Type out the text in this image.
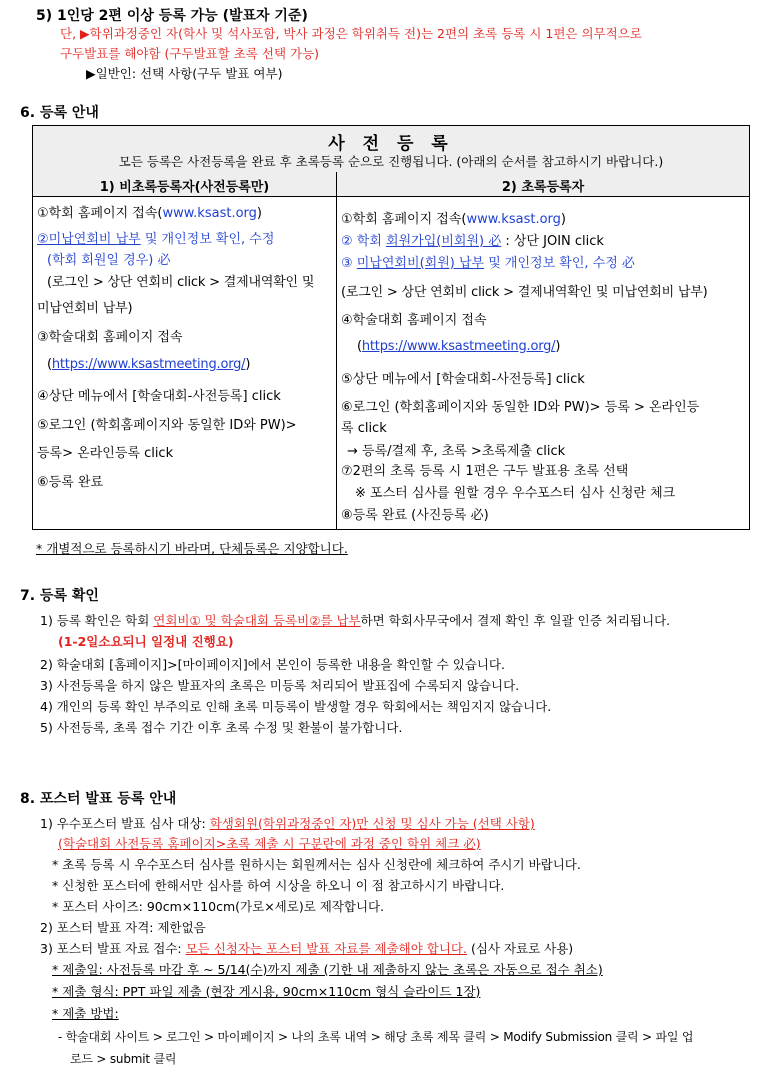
5) 1인당 2편 이상 등록 가능 (발표자 기준)
단, ▶학위과정중인 자(학사 및 석사포함, 박사 과정은 학위취득 전)는 2편의 초록 등록 시 1편은 의무적으로
구두발표를 해야함 (구두발표할 초록 선택 가능)
▶일반인: 선택 사항(구두 발표 여부)
6. 등록 안내
사 전 등 록
모든 등록은 사전등록을 완료 후 초록등록 순으로 진행됩니다. (아래의 순서를 참고하시기 바랍니다.)
1) 비초록등록자(사전등록만)	2) 초록등록자
①학회 홈페이지 접속(www.ksast.org)
②미납연회비 납부 및 개인정보 확인, 수정
(학회 회원일 경우) 必
(로그인 > 상단 연회비 click > 결제내역확인 및
미납연회비 납부)
③학술대회 홈페이지 접속
(https://www.ksastmeeting.org/)
④상단 메뉴에서 [학술대회-사전등록] click
⑤로그인 (학회홈페이지와 동일한 ID와 PW)>
등록> 온라인등록 click
⑥등록 완료
①학회 홈페이지 접속(www.ksast.org)
② 학회 회원가입(비회원) 必 : 상단 JOIN click
③ 미납연회비(회원) 납부 및 개인정보 확인, 수정 必
(로그인 > 상단 연회비 click > 결제내역확인 및 미납연회비 납부)
④학술대회 홈페이지 접속
(https://www.ksastmeeting.org/)
⑤상단 메뉴에서 [학술대회-사전등록] click
⑥로그인 (학회홈페이지와 동일한 ID와 PW)> 등록 > 온라인등
록 click
→ 등록/결제 후, 초록 >초록제출 click
⑦2편의 초록 등록 시 1편은 구두 발표용 초록 선택
※ 포스터 심사를 원할 경우 우수포스터 심사 신청란 체크
⑧등록 완료 (사진등록 必)
* 개별적으로 등록하시기 바라며, 단체등록은 지양합니다.
7. 등록 확인
1) 등록 확인은 학회 연회비① 및 학술대회 등록비②를 납부하면 학회사무국에서 결제 확인 후 일괄 인증 처리됩니다.
(1-2일소요되니 일정내 진행요)
2) 학술대회 [홈페이지]>[마이페이지]에서 본인이 등록한 내용을 확인할 수 있습니다.
3) 사전등록을 하지 않은 발표자의 초록은 미등록 처리되어 발표집에 수록되지 않습니다.
4) 개인의 등록 확인 부주의로 인해 초록 미등록이 발생할 경우 학회에서는 책임지지 않습니다.
5) 사전등록, 초록 접수 기간 이후 초록 수정 및 환불이 불가합니다.
8. 포스터 발표 등록 안내
1) 우수포스터 발표 심사 대상: 학생회원(학위과정중인 자)만 신청 및 심사 가능 (선택 사항)
(학술대회 사전등록 홈페이지>초록 제출 시 구분란에 과정 중인 학위 체크 必)
* 초록 등록 시 우수포스터 심사를 원하시는 회원께서는 심사 신청란에 체크하여 주시기 바랍니다.
* 신청한 포스터에 한해서만 심사를 하여 시상을 하오니 이 점 참고하시기 바랍니다.
* 포스터 사이즈: 90cm×110cm(가로×세로)로 제작합니다.
2) 포스터 발표 자격: 제한없음
3) 포스터 발표 자료 접수: 모든 신청자는 포스터 발표 자료를 제출해야 합니다. (심사 자료로 사용)
* 제출일: 사전등록 마감 후 ~ 5/14(수)까지 제출 (기한 내 제출하지 않는 초록은 자동으로 접수 취소)
* 제출 형식: PPT 파일 제출 (현장 게시용, 90cm×110cm 형식 슬라이드 1장)
* 제출 방법:
- 학술대회 사이트 > 로그인 > 마이페이지 > 나의 초록 내역 > 해당 초록 제목 클릭 > Modify Submission 클릭 > 파일 업
로드 > submit 클릭
